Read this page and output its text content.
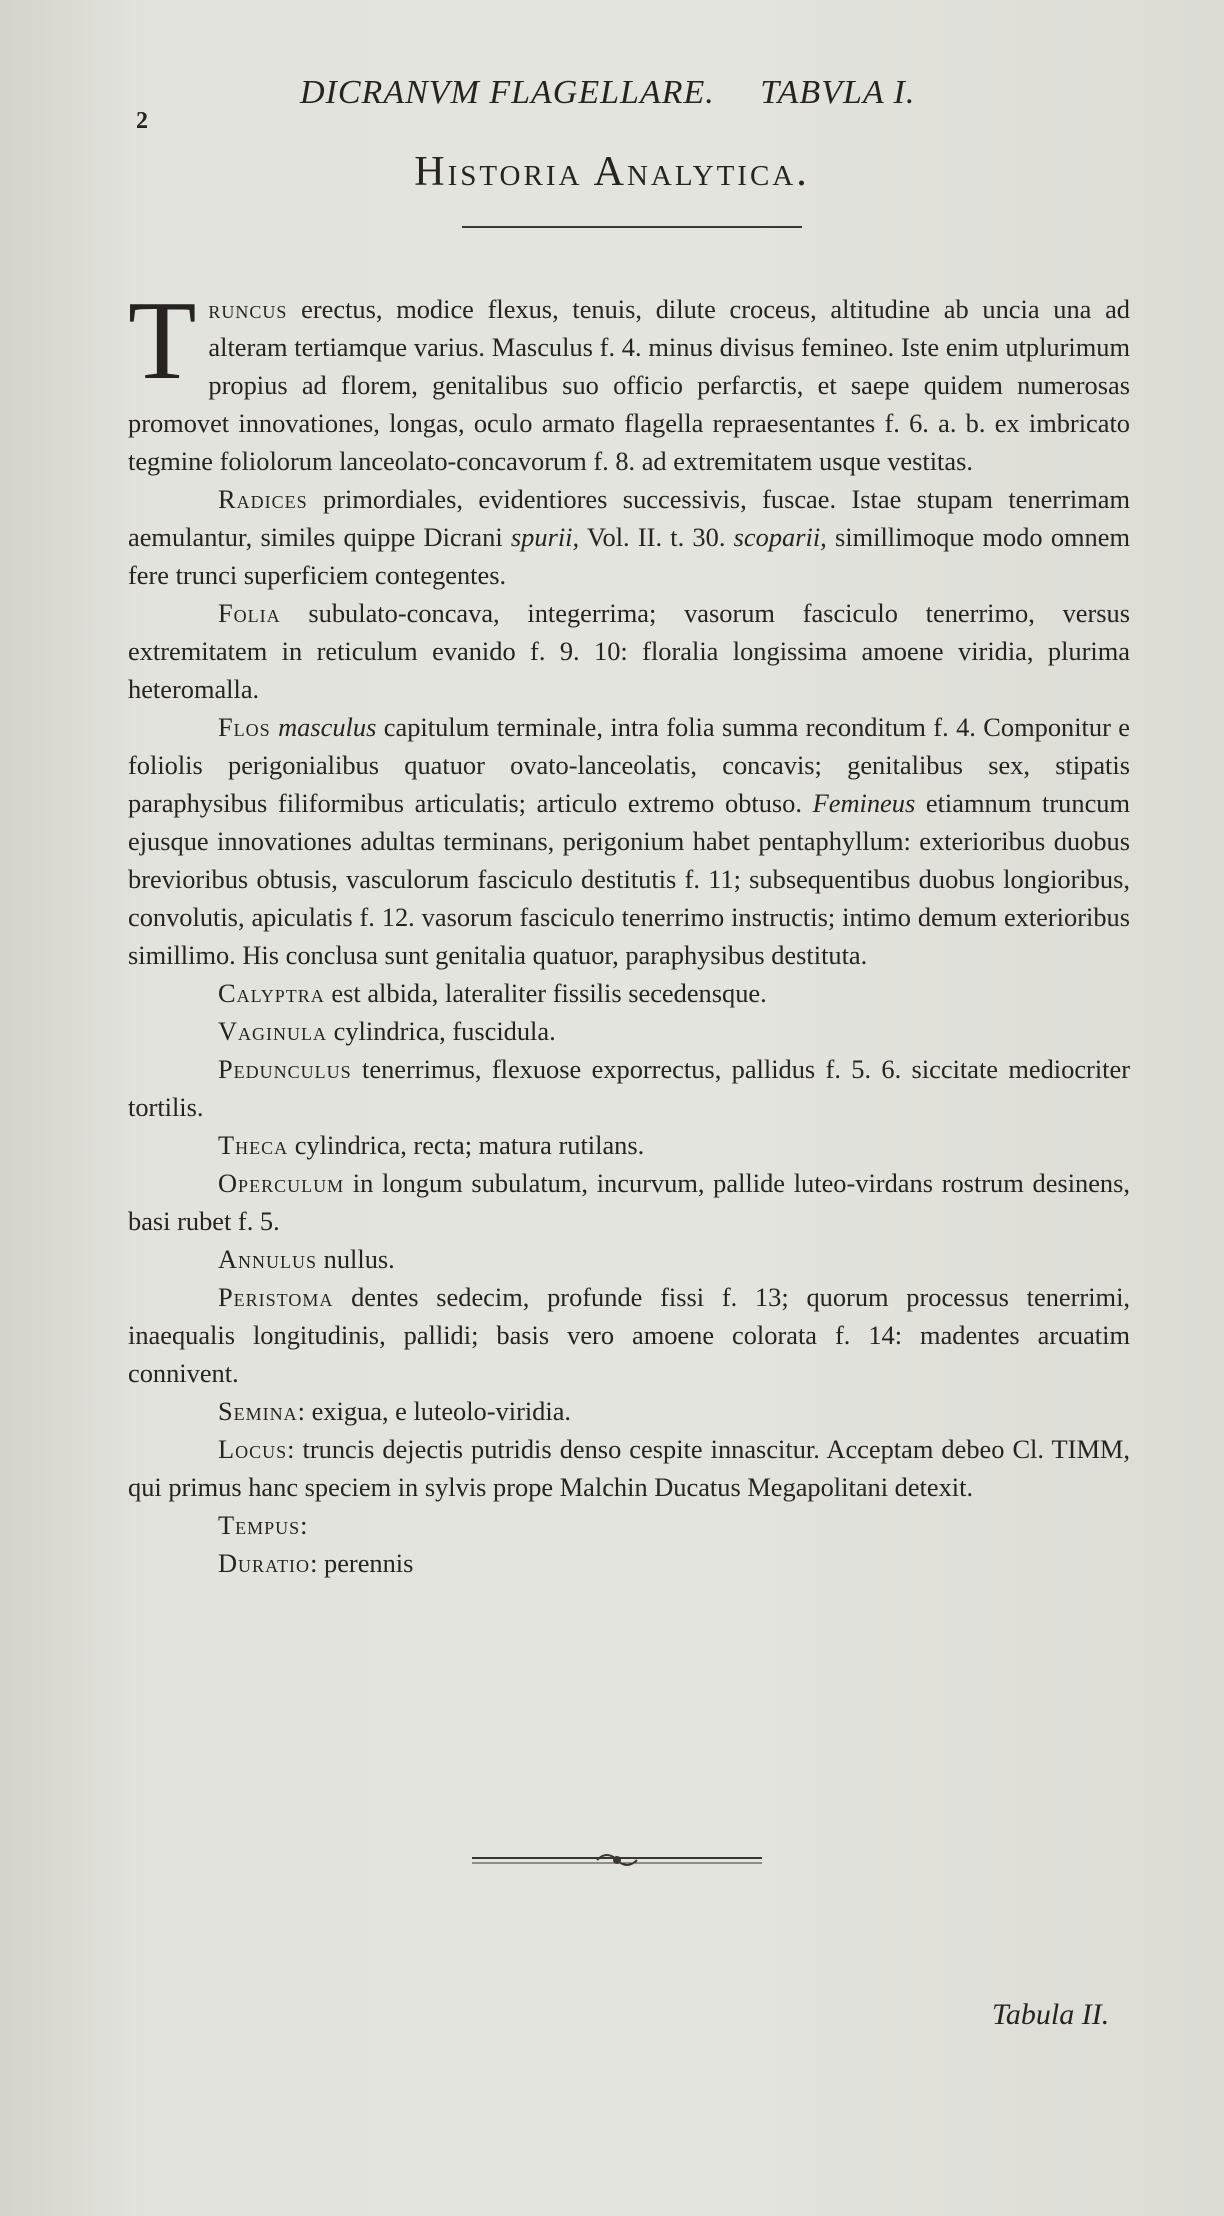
2
DICRANVM FLAGELLARE. TABVLA I.
Historia Analytica.

Truncus erectus, modice flexus, tenuis, dilute croceus, altitudine ab uncia una ad alteram tertiamque varius. Masculus f. 4. minus divisus femineo. Iste enim utplurimum propius ad florem, genitalibus suo officio perfarctis, et saepe quidem numerosas promovet innovationes, longas, oculo armato flagella repraesentantes f. 6. a. b. ex imbricato tegmine foliolorum lanceolato-concavorum f. 8. ad extremitatem usque vestitas.

Radices primordiales, evidentiores successivis, fuscae. Istae stupam tenerrimam aemulantur, similes quippe Dicrani spurii, Vol. II. t. 30. scoparii, simillimoque modo omnem fere trunci superficiem contegentes.

Folia subulato-concava, integerrima; vasorum fasciculo tenerrimo, versus extremitatem in reticulum evanido f. 9. 10: floralia longissima amoene viridia, plurima heteromalla.

Flos masculus capitulum terminale, intra folia summa reconditum f. 4. Componitur e foliolis perigonialibus quatuor ovato-lanceolatis, concavis; genitalibus sex, stipatis paraphysibus filiformibus articulatis; articulo extremo obtuso. Femineus etiamnum truncum ejusque innovationes adultas terminans, perigonium habet pentaphyllum: exterioribus duobus brevioribus obtusis, vasculorum fasciculo destitutis f. 11; subsequentibus duobus longioribus, convolutis, apiculatis f. 12. vasorum fasciculo tenerrimo instructis; intimo demum exterioribus simillimo. His conclusa sunt genitalia quatuor, paraphysibus destituta.

Calyptra est albida, lateraliter fissilis secedensque.

Vaginula cylindrica, fuscidula.

Pedunculus tenerrimus, flexuose exporrectus, pallidus f. 5. 6. siccitate mediocriter tortilis.

Theca cylindrica, recta; matura rutilans.

Operculum in longum subulatum, incurvum, pallide luteo-virdans rostrum desinens, basi rubet f. 5.

Annulus nullus.

Peristoma dentes sedecim, profunde fissi f. 13; quorum processus tenerrimi, inaequalis longitudinis, pallidi; basis vero amoene colorata f. 14: madentes arcuatim connivent.

Semina: exigua, e luteolo-viridia.

Locus: truncis dejectis putridis denso cespite innascitur. Acceptam debeo Cl. TIMM, qui primus hanc speciem in sylvis prope Malchin Ducatus Megapolitani detexit.

Tempus:

Duratio: perennis

Tabula II.
